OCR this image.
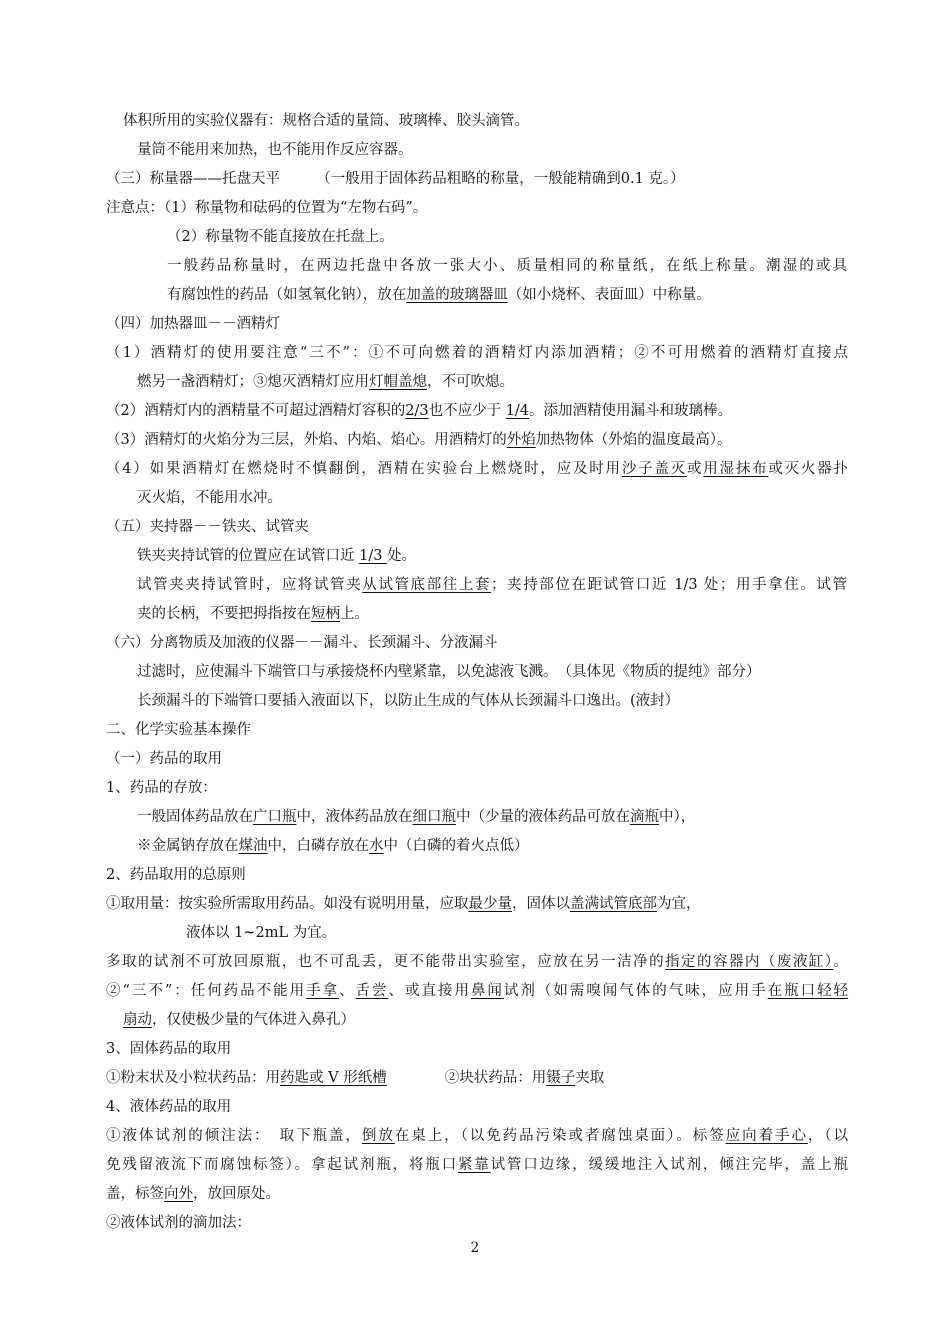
体积所用的实验仪器有：规格合适的量筒、玻璃棒、胶头滴管。
量筒不能用来加热，也不能用作反应容器。
（三）称量器——托盘天平　　　（一般用于固体药品粗略的称量，一般能精确到0.1 克。）
注意点：（1）称量物和砝码的位置为“左物右码”。
（2）称量物不能直接放在托盘上。
一般药品称量时，在两边托盘中各放一张大小、质量相同的称量纸，在纸上称量。潮湿的或具
有腐蚀性的药品（如氢氧化钠），放在加盖的玻璃器皿（如小烧杯、表面皿）中称量。
（四）加热器皿－－酒精灯
（1）酒精灯的使用要注意“三不”：①不可向燃着的酒精灯内添加酒精；②不可用燃着的酒精灯直接点
燃另一盏酒精灯；③熄灭酒精灯应用灯帽盖熄，不可吹熄。
（2）酒精灯内的酒精量不可超过酒精灯容积的2/3也不应少于 1/4。添加酒精使用漏斗和玻璃棒。
（3）酒精灯的火焰分为三层，外焰、内焰、焰心。用酒精灯的外焰加热物体（外焰的温度最高）。
（4）如果酒精灯在燃烧时不慎翻倒，酒精在实验台上燃烧时，应及时用沙子盖灭或用湿抹布或灭火器扑
灭火焰，不能用水冲。
（五）夹持器－－铁夹、试管夹
铁夹夹持试管的位置应在试管口近 1/3 处。
试管夹夹持试管时，应将试管夹从试管底部往上套；夹持部位在距试管口近 1/3 处；用手拿住。试管
夹的长柄，不要把拇指按在短柄上。
（六）分离物质及加液的仪器－－漏斗、长颈漏斗、分液漏斗
过滤时，应使漏斗下端管口与承接烧杯内壁紧靠，以免滤液飞溅。　（具体见《物质的提纯》部分）
长颈漏斗的下端管口要插入液面以下，以防止生成的气体从长颈漏斗口逸出。(液封）
二、化学实验基本操作
（一）药品的取用
1、药品的存放：
一般固体药品放在广口瓶中，液体药品放在细口瓶中（少量的液体药品可放在滴瓶中），
※金属钠存放在煤油中，白磷存放在水中（白磷的着火点低）
2、药品取用的总原则
①取用量：按实验所需取用药品。如没有说明用量，应取最少量，固体以盖满试管底部为宜，
液体以 1~2mL 为宜。
多取的试剂不可放回原瓶，也不可乱丢，更不能带出实验室，应放在另一洁净的指定的容器内（废液缸）。
②“三不”：任何药品不能用手拿、舌尝、或直接用鼻闻试剂（如需嗅闻气体的气味，应用手在瓶口轻轻
扇动，仅使极少量的气体进入鼻孔）
3、固体药品的取用
①粉末状及小粒状药品：用药匙或 V 形纸槽　　　　②块状药品：用镊子夹取
4、液体药品的取用
①液体试剂的倾注法：　取下瓶盖，倒放在桌上，（以免药品污染或者腐蚀桌面）。标签应向着手心，（以
免残留液流下而腐蚀标签）。拿起试剂瓶，将瓶口紧靠试管口边缘，缓缓地注入试剂，倾注完毕，盖上瓶
盖，标签向外，放回原处。
②液体试剂的滴加法：
2
